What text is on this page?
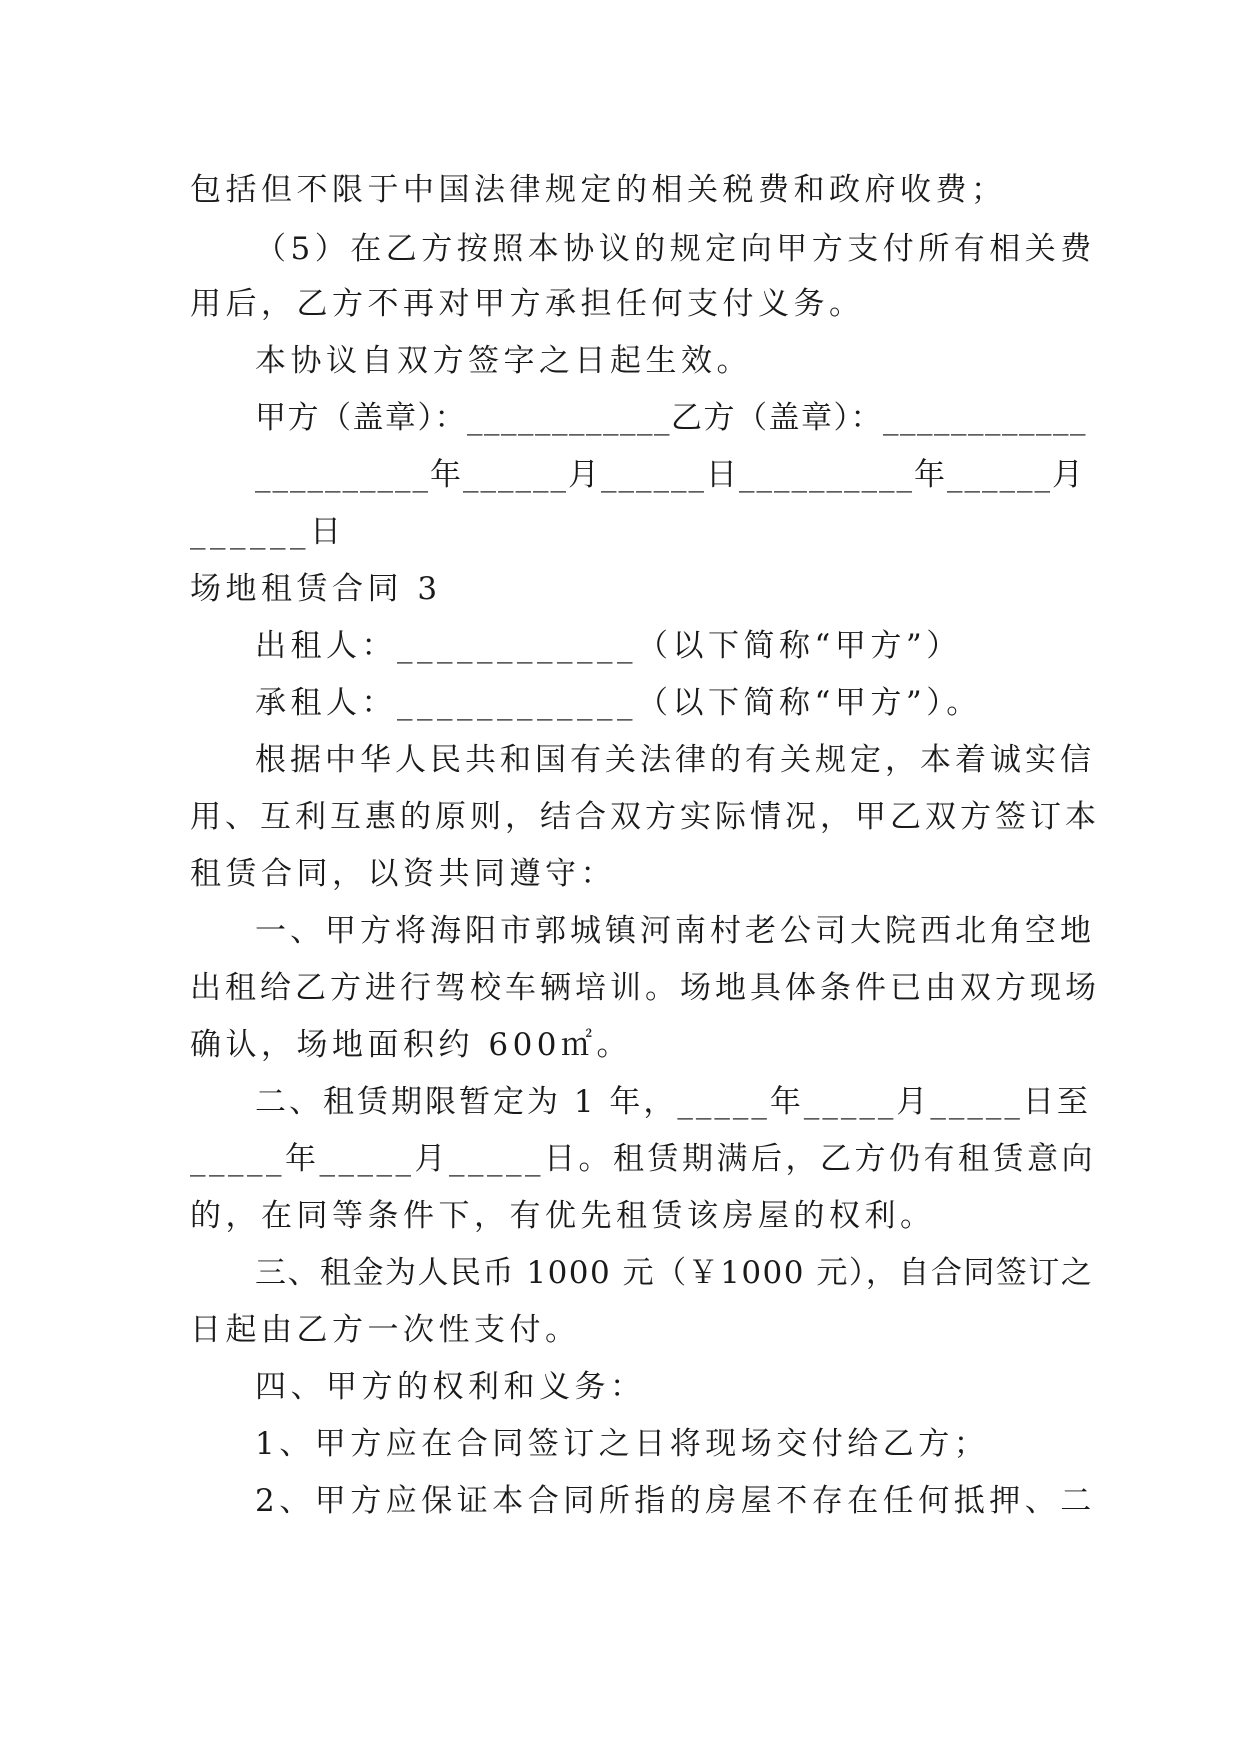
包括但不限于中国法律规定的相关税费和政府收费；
（5）在乙方按照本协议的规定向甲方支付所有相关费
用后，乙方不再对甲方承担任何支付义务。
本协议自双方签字之日起生效。
甲方（盖章）：____________乙方（盖章）：____________
__________年______月______日__________年______月
______日
场地租赁合同 3
出租人：____________（以下简称“甲方”）
承租人：____________（以下简称“甲方”）。
根据中华人民共和国有关法律的有关规定，本着诚实信
用、互利互惠的原则，结合双方实际情况，甲乙双方签订本
租赁合同，以资共同遵守：
一、甲方将海阳市郭城镇河南村老公司大院西北角空地
出租给乙方进行驾校车辆培训。场地具体条件已由双方现场
确认，场地面积约 600㎡。
二、租赁期限暂定为 1 年，_____年_____月_____日至
_____年_____月_____日。租赁期满后，乙方仍有租赁意向
的，在同等条件下，有优先租赁该房屋的权利。
三、租金为人民币 1000 元（￥1000 元），自合同签订之
日起由乙方一次性支付。
四、甲方的权利和义务：
1、甲方应在合同签订之日将现场交付给乙方；
2、甲方应保证本合同所指的房屋不存在任何抵押、二
